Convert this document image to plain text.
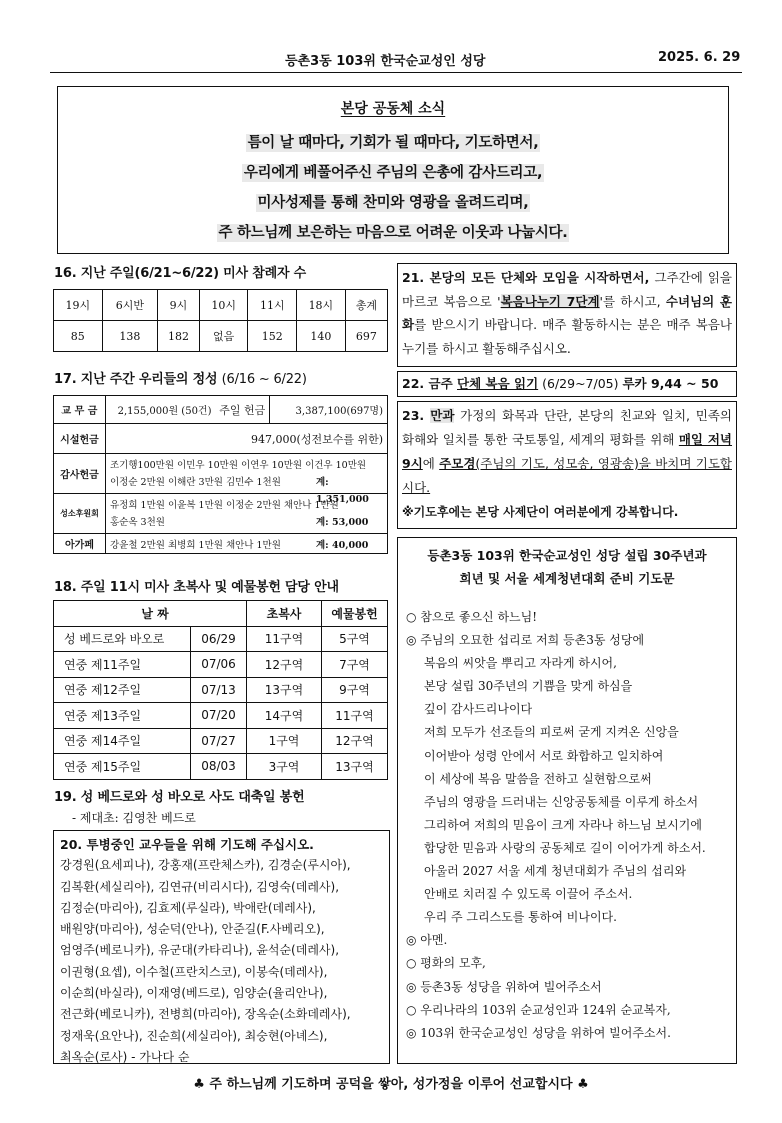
등촌3동 103위 한국순교성인 성당	2025. 6. 29
본당 공동체 소식
틈이 날 때마다, 기회가 될 때마다, 기도하면서,
우리에게 베풀어주신 주님의 은총에 감사드리고,
미사성제를 통해 찬미와 영광을 올려드리며,
주 하느님께 보은하는 마음으로 어려운 이웃과 나눕시다.
16. 지난 주일(6/21~6/22) 미사 참례자 수
19시	6시반	9시	10시	11시	18시	총계
85	138	182	없음	152	140	697
17. 지난 주간 우리들의 정성 (6/16 ~ 6/22)
교 무 금	2,155,000원 (50건)	주일 헌금	3,387,100(697명)
시설헌금	947,000(성전보수를 위한)		
감사헌금	조기행100만원 이민우 10만원 이연우 10만원 이건우 10만원
이정순 2만원 이해란 3만원 김민수 1천원 계: 1,351,000		

성소후원회	유정희 1만원 이윤복 1만원 이정순 2만원 채안나 1만원
홍순옥 3천원 계: 53,000		

아가페	강윤철 2만원 최병희 1만원 채안나 1만원 계: 40,000		
18. 주일 11시 미사 초복사 및 예물봉헌 담당 안내
날 짜		초복사	예물봉헌
성 베드로와 바오로	06/29	11구역	5구역
연중 제11주일	07/06	12구역	7구역
연중 제12주일	07/13	13구역	9구역
연중 제13주일	07/20	14구역	11구역
연중 제14주일	07/27	1구역	12구역
연중 제15주일	08/03	3구역	13구역
19. 성 베드로와 성 바오로 사도 대축일 봉헌
- 제대초: 김영찬 베드로
20. 투병중인 교우들을 위해 기도해 주십시오.
강경원(요세피나), 강홍재(프란체스카), 김경순(루시아),
김복환(세실리아), 김연규(비리시다), 김영숙(데레사),
김정순(마리아), 김효제(루실라), 박애란(데레사),
배원양(마리아), 성순덕(안나), 안준길(F.사베리오),
엄영주(베로니카), 유군대(카타리나), 윤석순(데레사),
이권형(요셉), 이수철(프란치스코), 이봉숙(데레사),
이순희(바실라), 이재영(베드로), 임양순(율리안나),
전근화(베로니카), 전병희(마리아), 장옥순(소화데레사),
정재욱(요안나), 진순희(세실리아), 최숭현(아녜스),
최옥순(로사) - 가나다 순
21. 본당의 모든 단체와 모임을 시작하면서, 그주간에 읽을 마르코 복음으로 '복음나누기 7단계'를 하시고, 수녀님의 훈화를 받으시기 바랍니다. 매주 활동하시는 분은 매주 복음나누기를 하시고 활동해주십시오.
22. 금주 단체 복음 읽기 (6/29~7/05) 루카 9,44 ~ 50
23. 만과 가정의 화목과 단란, 본당의 친교와 일치, 민족의 화해와 일치를 통한 국토통일, 세계의 평화를 위해 매일 저녁 9시에 주모경(주님의 기도, 성모송, 영광송)을 바치며 기도합시다.
※기도후에는 본당 사제단이 여러분에게 강복합니다.
등촌3동 103위 한국순교성인 성당 설립 30주년과
희년 및 서울 세계청년대회 준비 기도문
○ 참으로 좋으신 하느님!
◎ 주님의 오묘한 섭리로 저희 등촌3동 성당에
복음의 씨앗을 뿌리고 자라게 하시어,
본당 설립 30주년의 기쁨을 맞게 하심을
깊이 감사드리나이다
저희 모두가 선조들의 피로써 굳게 지켜온 신앙을
이어받아 성령 안에서 서로 화합하고 일치하여
이 세상에 복음 말씀을 전하고 실현함으로써
주님의 영광을 드러내는 신앙공동체를 이루게 하소서
그리하여 저희의 믿음이 크게 자라나 하느님 보시기에
합당한 믿음과 사랑의 공동체로 길이 이어가게 하소서.
아울러 2027 서울 세계 청년대회가 주님의 섭리와
안배로 치러질 수 있도록 이끌어 주소서.
우리 주 그리스도를 통하여 비나이다.
◎ 아멘.
○ 평화의 모후,
◎ 등촌3동 성당을 위하여 빌어주소서
○ 우리나라의 103위 순교성인과 124위 순교복자,
◎ 103위 한국순교성인 성당을 위하여 빌어주소서.
♣ 주 하느님께 기도하며 공덕을 쌓아, 성가정을 이루어 선교합시다 ♣
